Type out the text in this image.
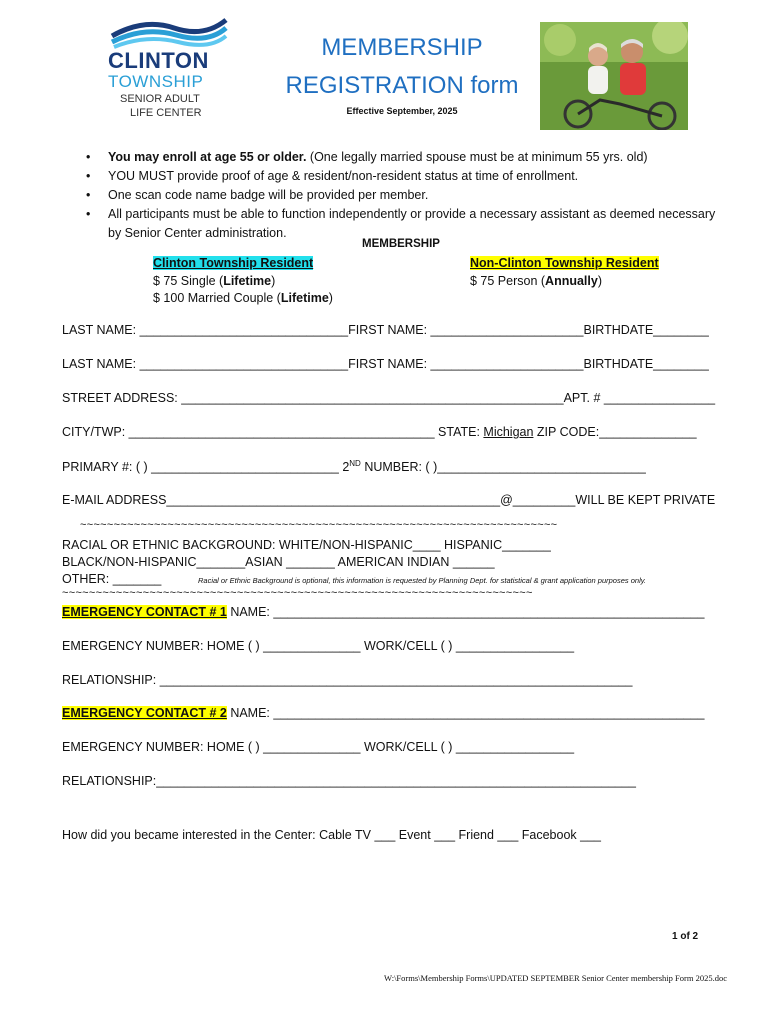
CLINTON
TOWNSHIP
SENIOR ADULT
LIFE CENTER
MEMBERSHIP
REGISTRATION form
Effective September, 2025
• You may enroll at age 55 or older. (One legally married spouse must be at minimum 55 yrs. old)
• YOU MUST provide proof of age & resident/non-resident status at time of enrollment.
• One scan code name badge will be provided per member.
• All participants must be able to function independently or provide a necessary assistant as deemed necessary by Senior Center administration.
MEMBERSHIP
Clinton Township Resident
$ 75 Single (Lifetime)
$ 100 Married Couple (Lifetime)
Non-Clinton Township Resident
$ 75 Person (Annually)
LAST NAME: ______________________________FIRST NAME: ______________________BIRTHDATE________
LAST NAME: ______________________________FIRST NAME: ______________________BIRTHDATE________
STREET ADDRESS: _______________________________________________________APT. # ________________
CITY/TWP: ____________________________________________ STATE: Michigan ZIP CODE:______________
PRIMARY #: ( ) ___________________________ 2ND NUMBER: ( )______________________________
E-MAIL ADDRESS________________________________________________@_________WILL BE KEPT PRIVATE
~~~~~~~~~~~~~~~~~~~~~~~~~~~~~~~~~~~~~~~~~~~~~~~~~~~~~~~~~~~~~~~~~~~~~~~
RACIAL OR ETHNIC BACKGROUND: WHITE/NON-HISPANIC____ HISPANIC_______
BLACK/NON-HISPANIC_______ASIAN _______ AMERICAN INDIAN ______
OTHER: _______	Racial or Ethnic Background is optional, this information is requested by Planning Dept. for statistical & grant application purposes only.
~~~~~~~~~~~~~~~~~~~~~~~~~~~~~~~~~~~~~~~~~~~~~~~~~~~~~~~~~~~~~~~~~~~~~~
EMERGENCY CONTACT # 1 NAME: ______________________________________________________________
EMERGENCY NUMBER: HOME ( ) ______________ WORK/CELL ( ) _________________
RELATIONSHIP: ____________________________________________________________________
EMERGENCY CONTACT # 2 NAME: ______________________________________________________________
EMERGENCY NUMBER: HOME ( ) ______________ WORK/CELL ( ) _________________
RELATIONSHIP:_____________________________________________________________________
How did you became interested in the Center: Cable TV ___ Event ___ Friend ___ Facebook ___
1 of 2
W:\Forms\Membership Forms\UPDATED SEPTEMBER Senior Center membership Form 2025.doc
